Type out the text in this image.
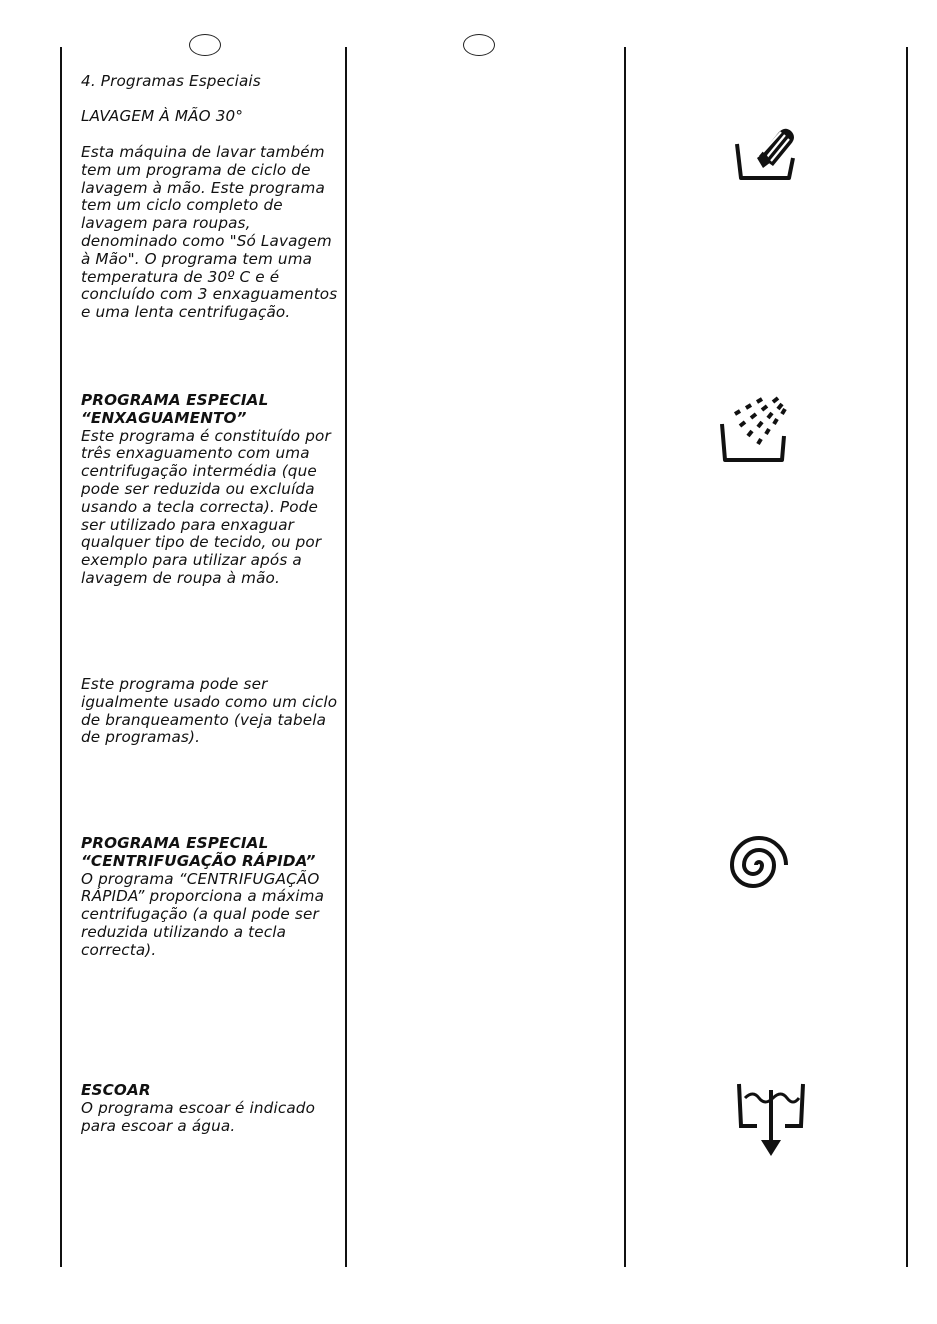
4. Programas Especiais

LAVAGEM À MÃO 30°

Esta máquina de lavar também tem um programa de ciclo de lavagem à mão. Este programa tem um ciclo completo de lavagem para roupas, denominado como "Só Lavagem à Mão". O programa tem uma temperatura de 30º C e é concluído com 3 enxaguamentos e uma lenta centrifugação.

PROGRAMA ESPECIAL
“ENXAGUAMENTO”
Este programa é constituído por três enxaguamento com uma centrifugação intermédia (que pode ser reduzida ou excluída usando a tecla correcta). Pode ser utilizado para enxaguar qualquer tipo de tecido, ou por exemplo para utilizar após a lavagem de roupa à mão.

Este programa pode ser igualmente usado como um ciclo de branqueamento (veja tabela de programas).

PROGRAMA ESPECIAL
“CENTRIFUGAÇÃO RÁPIDA”
O programa “CENTRIFUGAÇÃO RÁPIDA” proporciona a máxima centrifugação (a qual pode ser reduzida utilizando a tecla correcta).

ESCOAR
O programa escoar é indicado para escoar a água.
